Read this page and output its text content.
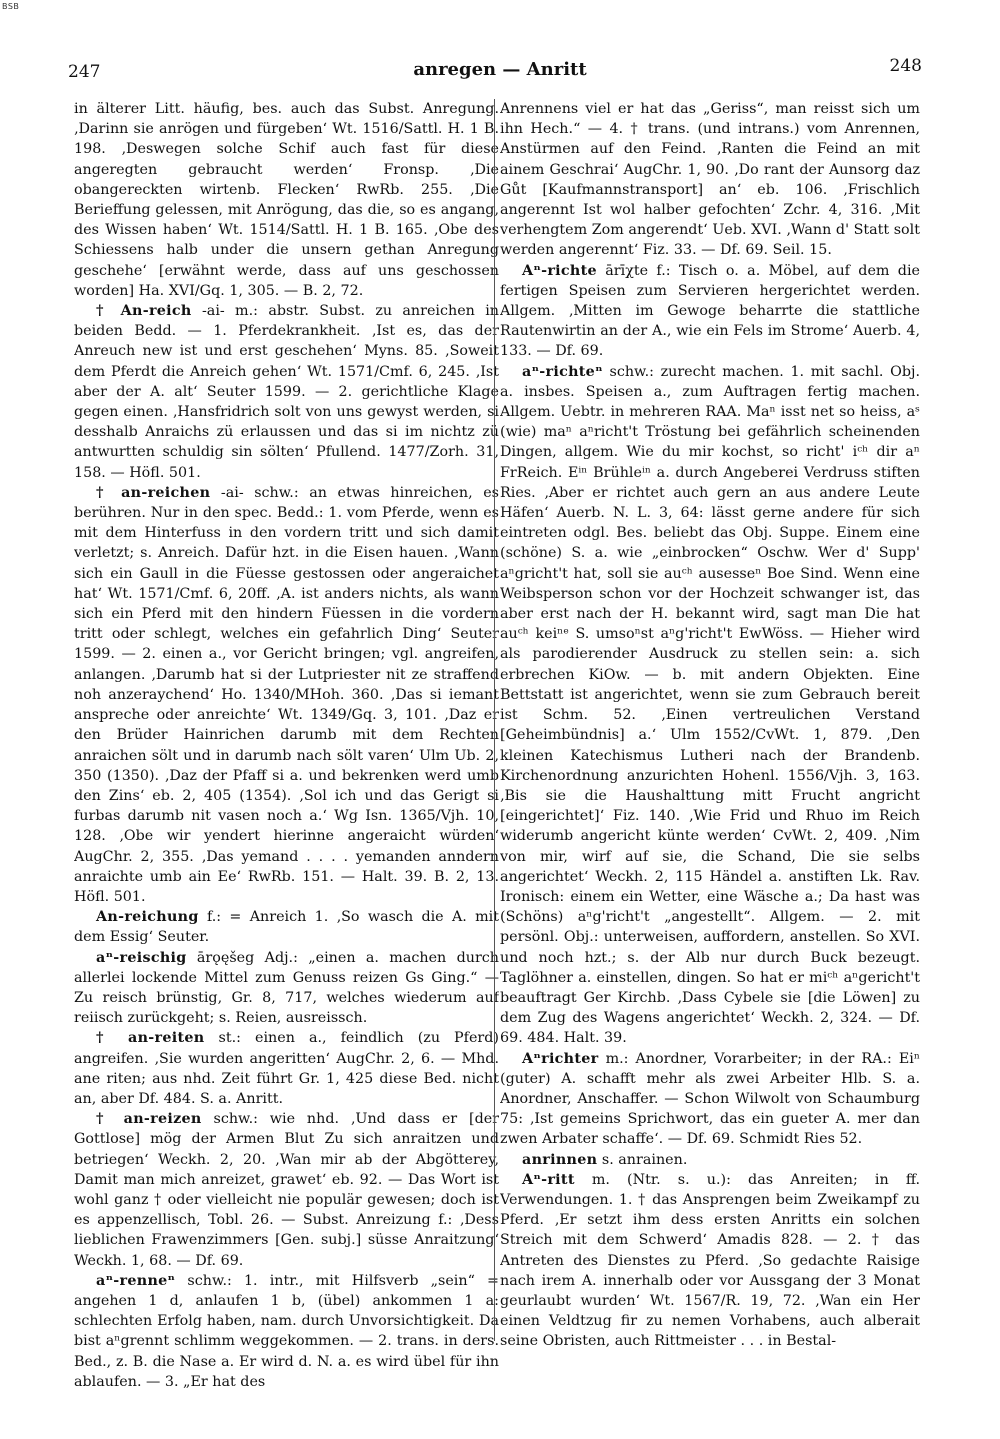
BSB
247	anregen — Anritt	248

in älterer Litt. häufig, bes. auch das Subst. Anregung. ‚Darinn sie anrögen und fürgeben‘ Wt. 1516/Sattl. H. 1 B. 198. ‚Deswegen solche Schif auch fast für diese angeregten gebraucht werden‘ Fronsp. ‚Die obangereckten wirtenb. Flecken‘ RwRb. 255. ‚Die Berieffung gelessen, mit Anrögung, das die, so es angang, des Wissen haben‘ Wt. 1514/Sattl. H. 1 B. 165. ‚Obe des Schiessens halb under die unsern gethan Anregung geschehe‘ [erwähnt werde, dass auf uns geschossen worden] Ha. XVI/Gq. 1, 305. — B. 2, 72.

† An-reich -ai- m.: abstr. Subst. zu anreichen in beiden Bedd. — 1. Pferdekrankheit. ‚Ist es, das der Anreuch new ist und erst geschehen‘ Myns. 85. ‚Soweit dem Pferdt die Anreich gehen‘ Wt. 1571/Cmf. 6, 245. ‚Ist aber der A. alt‘ Seuter 1599. — 2. gerichtliche Klage gegen einen. ‚Hansfridrich solt von uns gewyst werden, si desshalb Anraichs zü erlaussen und das si im nichtz zü antwurtten schuldig sin sölten‘ Pfullend. 1477/Zorh. 31, 158. — Höfl. 501.

† an-reichen -ai- schw.: an etwas hinreichen, es berühren. Nur in den spec. Bedd.: 1. vom Pferde, wenn es mit dem Hinterfuss in den vordern tritt und sich damit verletzt; s. Anreich. Dafür hzt. in die Eisen hauen. ‚Wann sich ein Gaull in die Füesse gestossen oder angeraichet hat‘ Wt. 1571/Cmf. 6, 20ff. ‚A. ist anders nichts, als wann sich ein Pferd mit den hindern Füessen in die vordern tritt oder schlegt, welches ein gefahrlich Ding‘ Seuter 1599. — 2. einen a., vor Gericht bringen; vgl. angreifen, anlangen. ‚Darumb hat si der Lutpriester nit ze straffend noh anzeraychend‘ Ho. 1340/MHoh. 360. ‚Das si iemant anspreche oder anreichte‘ Wt. 1349/Gq. 3, 101. ‚Daz er den Brüder Hainrichen darumb mit dem Rechten anraichen sölt und in darumb nach sölt varen‘ Ulm Ub. 2, 350 (1350). ‚Daz der Pfaff si a. und bekrenken werd umb den Zins‘ eb. 2, 405 (1354). ‚Sol ich und das Gerigt si furbas darumb nit vasen noch a.‘ Wg Isn. 1365/Vjh. 10, 128. ‚Obe wir yendert hierinne angeraicht würden‘ AugChr. 2, 355. ‚Das yemand . . . . yemanden anndern anraichte umb ain Ee‘ RwRb. 151. — Halt. 39. B. 2, 13. Höfl. 501.

An-reichung f.: = Anreich 1. ‚So wasch die A. mit dem Essig‘ Seuter.

aⁿ-reischig ārǫęšeg Adj.: „einen a. machen durch allerlei lockende Mittel zum Genuss reizen Gs Ging.“ — Zu reisch brünstig, Gr. 8, 717, welches wiederum auf reiisch zurückgeht; s. Reien, ausreissch.

† an-reiten st.: einen a., feindlich (zu Pferd) angreifen. ‚Sie wurden angeritten‘ AugChr. 2, 6. — Mhd. ane riten; aus nhd. Zeit führt Gr. 1, 425 diese Bed. nicht an, aber Df. 484. S. a. Anritt.

† an-reizen schw.: wie nhd. ‚Und dass er [der Gottlose] mög der Armen Blut Zu sich anraitzen und betriegen‘ Weckh. 2, 20. ‚Wan mir ab der Abgötterey, Damit man mich anreizet, grawet‘ eb. 92. — Das Wort ist wohl ganz † oder vielleicht nie populär gewesen; doch ist es appenzellisch, Tobl. 26. — Subst. Anreizung f.: ‚Dess lieblichen Frawenzimmers [Gen. subj.] süsse Anraitzung‘ Weckh. 1, 68. — Df. 69.

aⁿ-renneⁿ schw.: 1. intr., mit Hilfsverb „sein“ = angehen 1 d, anlaufen 1 b, (übel) ankommen 1 a: schlechten Erfolg haben, nam. durch Unvorsichtigkeit. Da bist aⁿgrennt schlimm weggekommen. — 2. trans. in ders. Bed., z. B. die Nase a. Er wird d. N. a. es wird übel für ihn ablaufen. — 3. „Er hat des

Anrennens viel er hat das „Geriss“, man reisst sich um ihn Hech.“ — 4. † trans. (und intrans.) vom Anrennen, Anstürmen auf den Feind. ‚Ranten die Feind an mit ainem Geschrai‘ AugChr. 1, 90. ‚Do rant der Aunsorg daz Gůt [Kaufmannstransport] an‘ eb. 106. ‚Frischlich angerennt Ist wol halber gefochten‘ Zchr. 4, 316. ‚Mit verhengtem Zom angerendt‘ Ueb. XVI. ‚Wann d' Statt solt werden angerennt‘ Fiz. 33. — Df. 69. Seil. 15.

Aⁿ-richte ārīχte f.: Tisch o. a. Möbel, auf dem die fertigen Speisen zum Servieren hergerichtet werden. Allgem. ‚Mitten im Gewoge beharrte die stattliche Rautenwirtin an der A., wie ein Fels im Strome‘ Auerb. 4, 133. — Df. 69.

aⁿ-richteⁿ schw.: zurecht machen. 1. mit sachl. Obj. a. insbes. Speisen a., zum Auftragen fertig machen. Allgem. Uebtr. in mehreren RAA. Maⁿ isst net so heiss, aˢ (wie) maⁿ aⁿricht't Tröstung bei gefährlich scheinenden Dingen, allgem. Wie du mir kochst, so richt' iᶜʰ dir aⁿ FrReich. Eⁱⁿ Brühleⁱⁿ a. durch Angeberei Verdruss stiften Ries. ‚Aber er richtet auch gern an aus andere Leute Häfen‘ Auerb. N. L. 3, 64: lässt gerne andere für sich eintreten odgl. Bes. beliebt das Obj. Suppe. Einem eine (schöne) S. a. wie „einbrocken“ Oschw. Wer d' Supp' aⁿgricht't hat, soll sie auᶜʰ ausesseⁿ Boe Sind. Wenn eine Weibsperson schon vor der Hochzeit schwanger ist, das aber erst nach der H. bekannt wird, sagt man Die hat auᶜʰ keiⁿᵉ S. umsoⁿst aⁿg'richt't EwWöss. — Hieher wird als parodierender Ausdruck zu stellen sein: a. sich erbrechen KiOw. — b. mit andern Objekten. Eine Bettstatt ist angerichtet, wenn sie zum Gebrauch bereit ist Schm. 52. ‚Einen vertreulichen Verstand [Geheimbündnis] a.‘ Ulm 1552/CvWt. 1, 879. ‚Den kleinen Katechismus Lutheri nach der Brandenb. Kirchenordnung anzurichten Hohenl. 1556/Vjh. 3, 163. ‚Bis sie die Haushalttung mitt Frucht angricht [eingerichtet]‘ Fiz. 140. ‚Wie Frid und Rhuo im Reich widerumb angericht künte werden‘ CvWt. 2, 409. ‚Nim von mir, wirf auf sie, die Schand, Die sie selbs angerichtet‘ Weckh. 2, 115 Händel a. anstiften Lk. Rav. Ironisch: einem ein Wetter, eine Wäsche a.; Da hast was (Schöns) aⁿg'richt't „angestellt“. Allgem. — 2. mit persönl. Obj.: unterweisen, auffordern, anstellen. So XVI. und noch hzt.; s. der Alb nur durch Buck bezeugt. Taglöhner a. einstellen, dingen. So hat er miᶜʰ aⁿgericht't beauftragt Ger Kirchb. ‚Dass Cybele sie [die Löwen] zu dem Zug des Wagens angerichtet‘ Weckh. 2, 324. — Df. 69. 484. Halt. 39.

Aⁿrichter m.: Anordner, Vorarbeiter; in der RA.: Eiⁿ (guter) A. schafft mehr als zwei Arbeiter Hlb. S. a. Anordner, Anschaffer. — Schon Wilwolt von Schaumburg 75: ‚Ist gemeins Sprichwort, das ein gueter A. mer dan zwen Arbater schaffe‘. — Df. 69. Schmidt Ries 52.

anrinnen s. anrainen.

Aⁿ-ritt m. (Ntr. s. u.): das Anreiten; in ff. Verwendungen. 1. † das Ansprengen beim Zweikampf zu Pferd. ‚Er setzt ihm dess ersten Anritts ein solchen Streich mit dem Schwerd‘ Amadis 828. — 2. † das Antreten des Dienstes zu Pferd. ‚So gedachte Raisige nach irem A. innerhalb oder vor Aussgang der 3 Monat geurlaubt wurden‘ Wt. 1567/R. 19, 72. ‚Wan ein Her einen Veldtzug fir zu nemen Vorhabens, auch alberait seine Obristen, auch Rittmeister . . . in Bestal-
